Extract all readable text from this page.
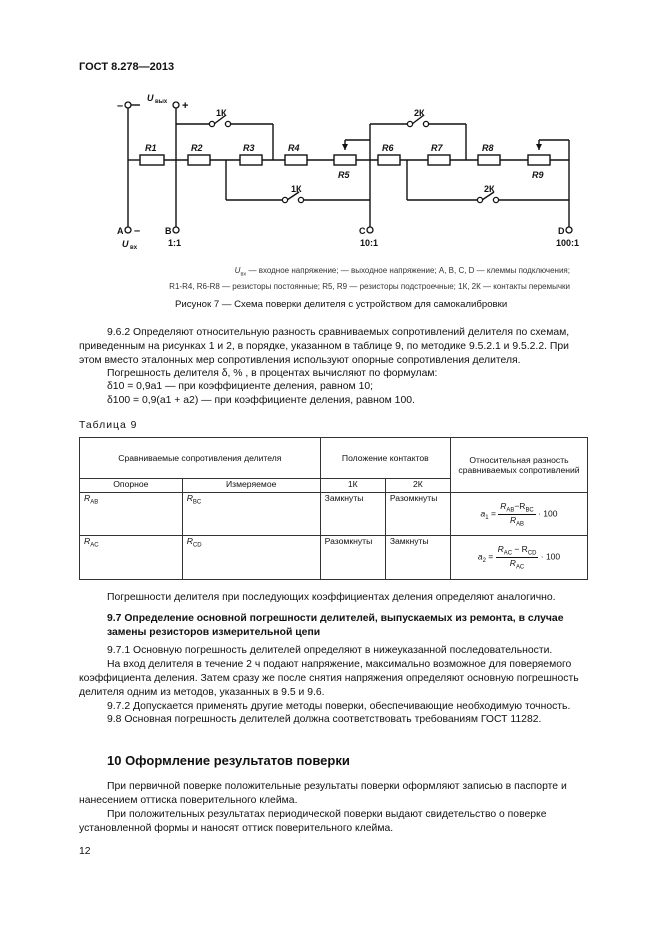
ГОСТ 8.278—2013
R1	R2	R3	R4
R5
R6	R7	R8
R9
1К
1К
2К
2К
A	B	C	D
1:1	10:1	100:1
+
–
–
U вых
U вх
$U_{вх}$ — входное напряжение; — выходное напряжение; A, B, C, D — клеммы подключения;
R1-R4, R6-R8 — резисторы постоянные; R5, R9 — резисторы подстроечные; 1К, 2К — контакты перемычки
Рисунок 7 — Схема поверки делителя с устройством для самокалибровки
9.6.2 Определяют относительную разность сравниваемых сопротивлений делителя по схемам, приведенным на рисунках 1 и 2, в порядке, указанном в таблице 9, по методике 9.5.2.1 и 9.5.2.2. При этом вместо эталонных мер сопротивления используют опорные сопротивления делителя.
Погрешность делителя δ, % , в процентах вычисляют по формулам:
δ10 = 0,9a1 — при коэффициенте деления, равном 10;
δ100 = 0,9(a1 + a2) — при коэффициенте деления, равном 100.
Таблица 9
Сравниваемые сопротивления делителя		Положение контактов		Относительная разность сравниваемых сопротивлений
Опорное	Измеряемое	1К	2К	
$R_{AB}$	$R_{BC}$	Замкнуты	Разомкнуты	$a_1$ =
$R_{AB}-R_{BC}$
$R_{AB}$
· 100
$R_{AC}$	$R_{CD}$	Разомкнуты	Замкнуты	$a_2$ =
$R_{AC} - R_{CD}$
$R_{AC}$
· 100
Погрешности делителя при последующих коэффициентах деления определяют аналогично.
9.7 Определение основной погрешности делителей, выпускаемых из ремонта, в случае замены резисторов измерительной цепи
9.7.1 Основную погрешность делителей определяют в нижеуказанной последовательности.
На вход делителя в течение 2 ч подают напряжение, максимально возможное для поверяемого коэффициента деления. Затем сразу же после снятия напряжения определяют основную погрешность делителя одним из методов, указанных в 9.5 и 9.6.
9.7.2 Допускается применять другие методы поверки, обеспечивающие необходимую точность.
9.8 Основная погрешность делителей должна соответствовать требованиям ГОСТ 11282.
10 Оформление результатов поверки
При первичной поверке положительные результаты поверки оформляют записью в паспорте и нанесением оттиска поверительного клейма.
При положительных результатах периодической поверки выдают свидетельство о поверке установленной формы и наносят оттиск поверительного клейма.
12
